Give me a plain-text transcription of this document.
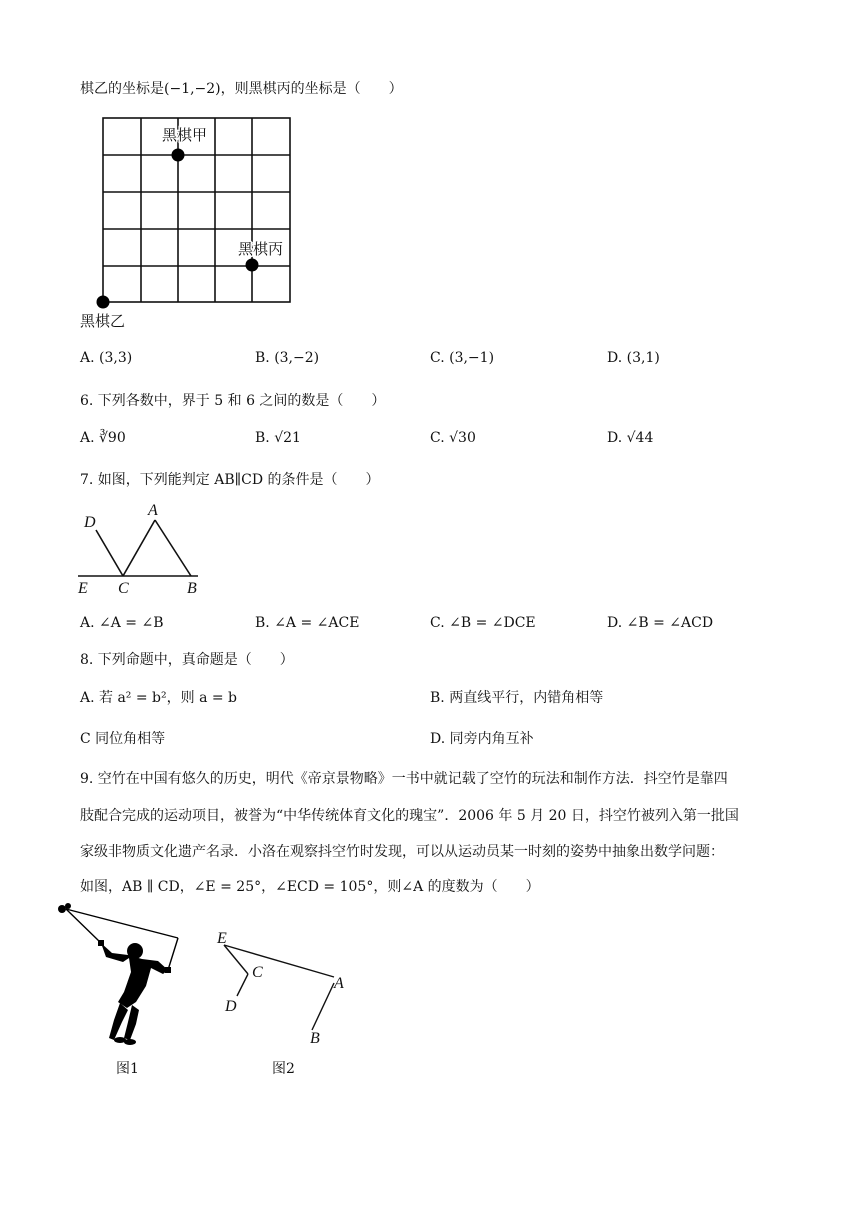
棋乙的坐标是(−1,−2)，则黑棋丙的坐标是（　　）
黑棋甲
黑棋丙
黑棋乙
A. (3,3)	B. (3,−2)	C. (3,−1)	D. (3,1)
6. 下列各数中，界于 5 和 6 之间的数是（　　）
A. ∛90	B. √21	C. √30	D. √44
7. 如图，下列能判定 AB∥CD 的条件是（　　）
D
A
E C	B
A. ∠A = ∠B	B. ∠A = ∠ACE	C. ∠B = ∠DCE	D. ∠B = ∠ACD
8. 下列命题中，真命题是（　　）
A. 若 a² = b²，则 a = b	B. 两直线平行，内错角相等
C 同位角相等	D. 同旁内角互补
9. 空竹在中国有悠久的历史，明代《帝京景物略》一书中就记载了空竹的玩法和制作方法．抖空竹是靠四
肢配合完成的运动项目，被誉为“中华传统体育文化的瑰宝”．2006 年 5 月 20 日，抖空竹被列入第一批国
家级非物质文化遗产名录．小洛在观察抖空竹时发现，可以从运动员某一时刻的姿势中抽象出数学问题：
如图，AB ∥ CD，∠E = 25°，∠ECD = 105°，则∠A 的度数为（　　）
图1
E
C
A
D
B
图2
